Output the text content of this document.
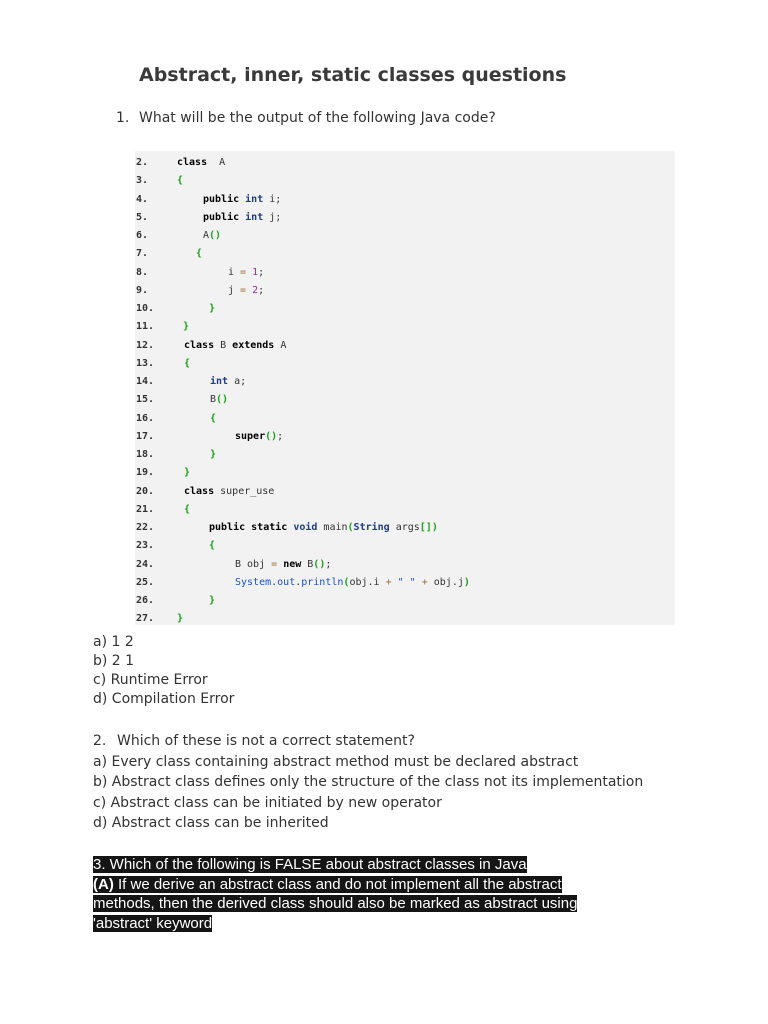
Abstract, inner, static classes questions
1. What will be the output of the following Java code?
2.	class  A
3.	{
4.	public int i;
5.	public int j;
6.	A()
7.	{
8.	i = 1;
9.	j = 2;
10.	}
11.	}
12.	class B extends A
13.	{
14.	int a;
15.	B()
16.	{
17.	super();
18.	}
19.	}
20.	class super_use
21.	{
22.	public static void main(String args[])
23.	{
24.	B obj = new B();
25.	System.out.println(obj.i + " " + obj.j)
26.	}
27. }
a) 1 2
b) 2 1
c) Runtime Error
d) Compilation Error
2. Which of these is not a correct statement?
a) Every class containing abstract method must be declared abstract
b) Abstract class defines only the structure of the class not its implementation
c) Abstract class can be initiated by new operator
d) Abstract class can be inherited
3. Which of the following is FALSE about abstract classes in Java
(A) If we derive an abstract class and do not implement all the abstract
methods, then the derived class should also be marked as abstract using
'abstract' keyword
